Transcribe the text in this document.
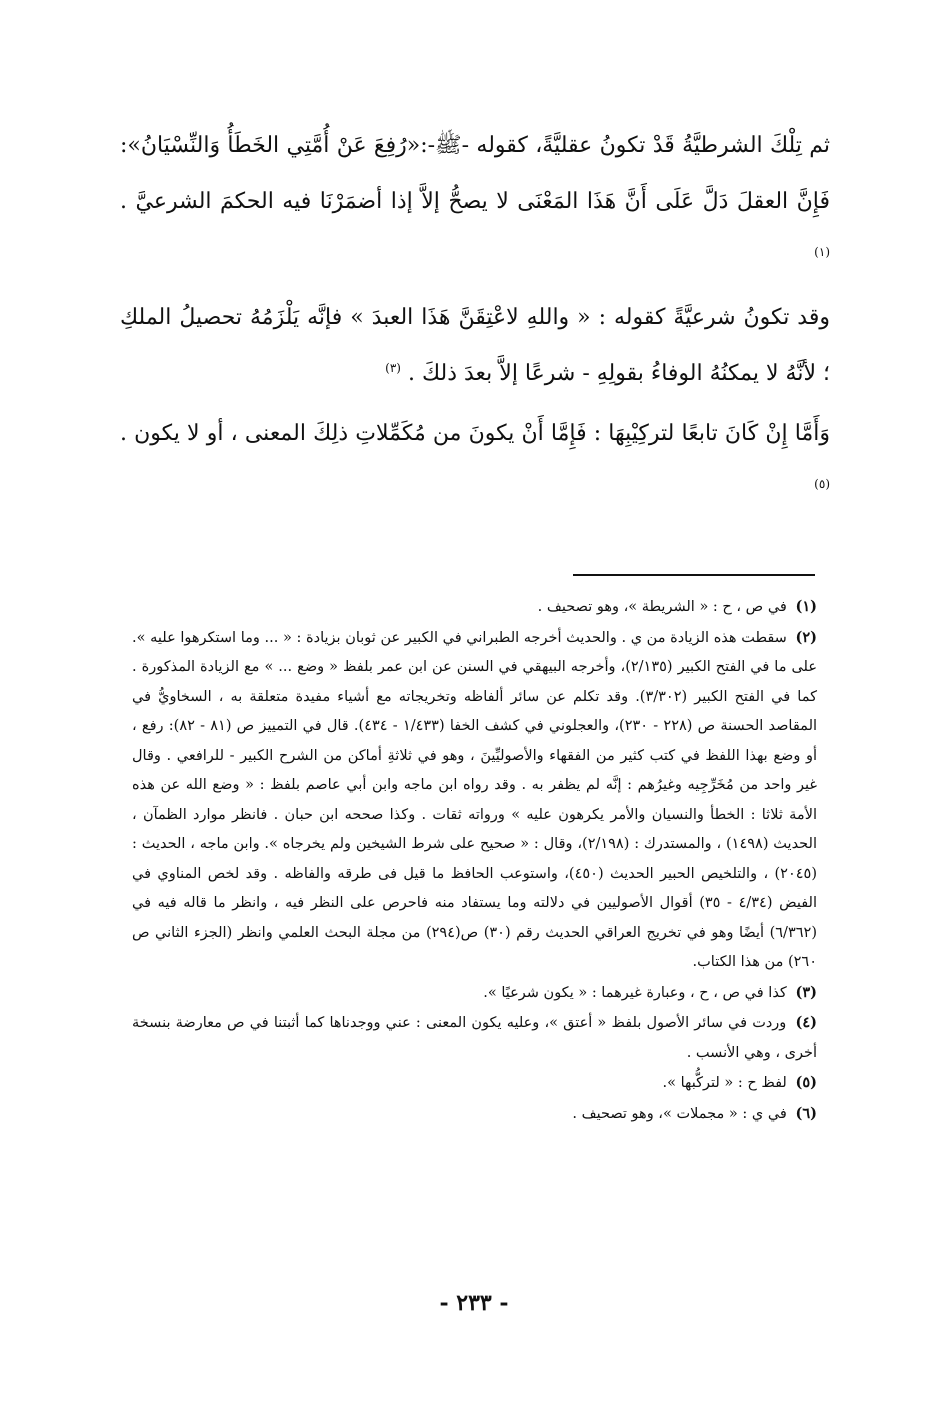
ثم تِلْكَ الشرطيَّةُ قَدْ تكونُ عقليَّةً، كقوله -ﷺ-:«رُفِعَ عَنْ أُمَّتِي الخَطَأُ وَالنِّسْيَانُ»: فَإِنَّ العقلَ دَلَّ عَلَى أَنَّ هَذَا المَعْنَى لا يصحُّ إلاَّ إذا أضمَرْنَا فيه الحكمَ الشرعيَّ . $^{(١)}$

وقد تكونُ شرعيَّةً كقوله : « واللهِ لاعْتِقَنَّ هَذَا العبدَ » فإنَّه يَلْزَمُهُ تحصيلُ الملكِ ؛ لأنَّهُ لا يمكنُهُ الوفاءُ بقولِهِ - شرعًا إلاَّ بعدَ ذلكَ . $^{(٣)}$

وَأَمَّا إِنْ كَانَ تابعًا لتركِيْبِهَا : فَإِمَّا أَنْ يكونَ من مُكَمِّلاتِ ذلِكَ المعنى ، أو لا يكون . $^{(٥)}$

(١) في ص ، ح : « الشريطة »، وهو تصحيف .

(٢) سقطت هذه الزيادة من ي . والحديث أخرجه الطبراني في الكبير عن ثوبان بزيادة : « ... وما استكرهوا عليه ». على ما في الفتح الكبير (٢/١٣٥)، وأخرجه البيهقي في السنن عن ابن عمر بلفظ « وضع ... » مع الزيادة المذكورة . كما في الفتح الكبير (٣/٣٠٢). وقد تكلم عن سائر ألفاظه وتخريجاته مع أشياء مفيدة متعلقة به ، السخاويُّ في المقاصد الحسنة ص (٢٢٨ - ٢٣٠)، والعجلوني في كشف الخفا (١/٤٣٣ - ٤٣٤). قال في التمييز ص (٨١ - ٨٢): رفع ، أو وضع بهذا اللفظ في كتب كثير من الفقهاء والأصوليِّينَ ، وهو في ثلاثةِ أماكن من الشرح الكبير - للرافعي . وقال غير واحد من مُخَرِّجِيه وغيرُهم : إنَّه لم يظفر به . وقد رواه ابن ماجه وابن أبي عاصم بلفظ : « وضع الله عن هذه الأمة ثلاثا : الخطأ والنسيان والأمر يكرهون عليه » ورواته ثقات . وكذا صححه ابن حبان . فانظر موارد الظمآن ، الحديث (١٤٩٨) ، والمستدرك : (٢/١٩٨)، وقال : « صحيح على شرط الشيخين ولم يخرجاه ». وابن ماجه ، الحديث : (٢٠٤٥) ، والتلخيص الحبير الحديث (٤٥٠)، واستوعب الحافظ ما قيل فى طرقه والفاظه . وقد لخص المناوي في الفيض (٤/٣٤ - ٣٥) أقوال الأصوليين في دلالته وما يستفاد منه فاحرص على النظر فيه ، وانظر ما قاله فيه في (٦/٣٦٢) أيضًا وهو في تخريج العراقي الحديث رقم (٣٠) ص(٢٩٤) من مجلة البحث العلمي وانظر (الجزء الثاني ص ٢٦٠) من هذا الكتاب.

(٣) كذا في ص ، ح ، وعبارة غيرهما : « يكون شرعيًا ».

(٤) وردت في سائر الأصول بلفظ « أعتق »، وعليه يكون المعنى : عني ووجدناها كما أثبتنا في ص معارضة بنسخة أخرى ، وهي الأنسب .

(٥) لفظ ح : « لتركُّبها ».

(٦) في ي : « مجملات »، وهو تصحيف .

- ٢٣٣ -
